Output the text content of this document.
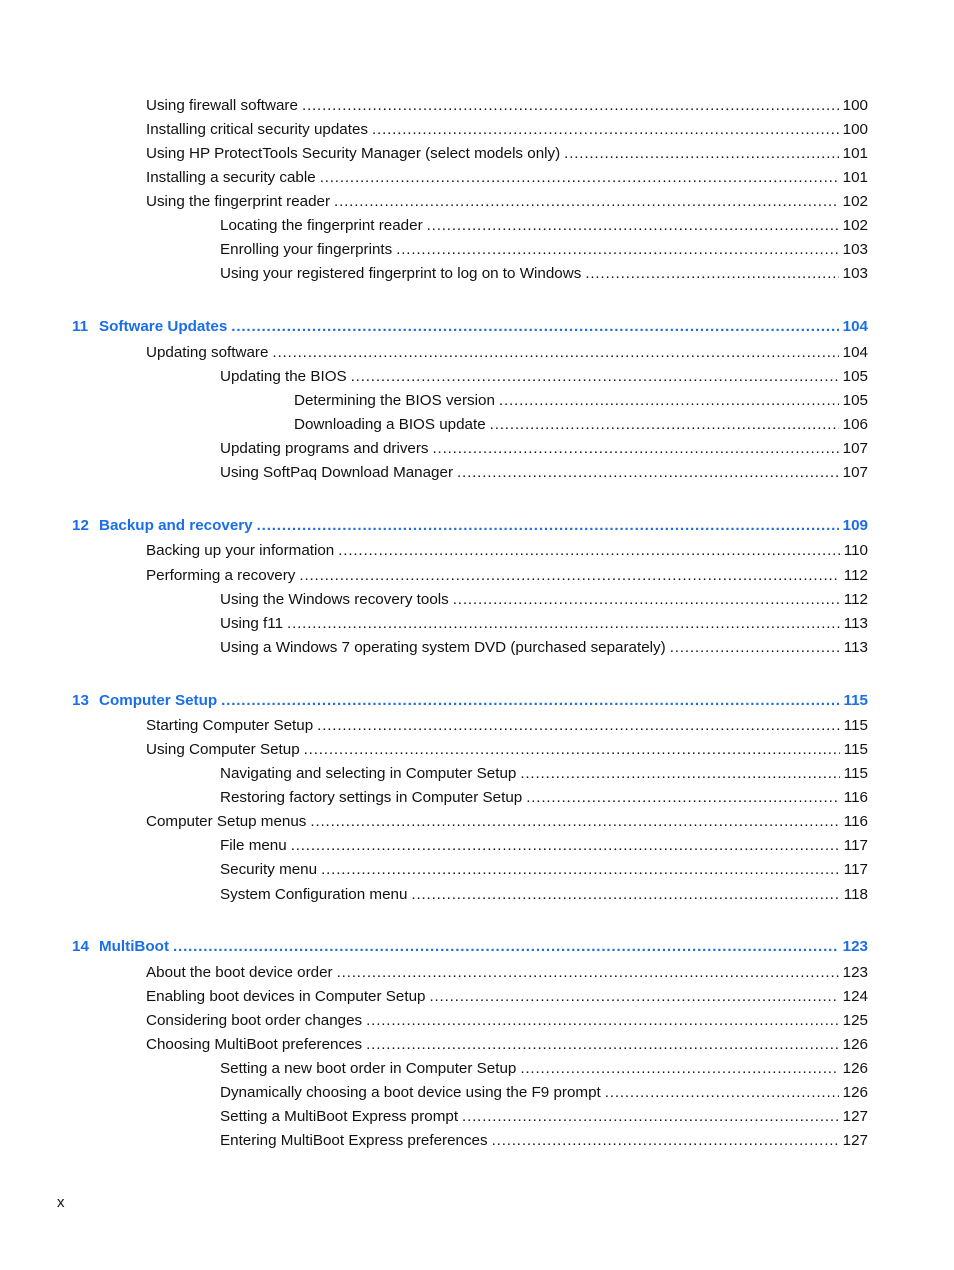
Using firewall software . . .	100
Installing critical security updates . . .	100
Using HP ProtectTools Security Manager (select models only) . . .	101
Installing a security cable . . .	101
Using the fingerprint reader . . .	102
Locating the fingerprint reader . . .	102
Enrolling your fingerprints . . .	103
Using your registered fingerprint to log on to Windows . . .	103
11 Software Updates . . .	104
Updating software . . .	104
Updating the BIOS . . .	105
Determining the BIOS version . . .	105
Downloading a BIOS update . . .	106
Updating programs and drivers . . .	107
Using SoftPaq Download Manager . . .	107
12 Backup and recovery . . .	109
Backing up your information . . .	110
Performing a recovery . . .	112
Using the Windows recovery tools . . .	112
Using f11 . . .	113
Using a Windows 7 operating system DVD (purchased separately) . . .	113
13 Computer Setup . . .	115
Starting Computer Setup . . .	115
Using Computer Setup . . .	115
Navigating and selecting in Computer Setup . . .	115
Restoring factory settings in Computer Setup . . .	116
Computer Setup menus . . .	116
File menu . . .	117
Security menu . . .	117
System Configuration menu . . .	118
14 MultiBoot . . .	123
About the boot device order . . .	123
Enabling boot devices in Computer Setup . . .	124
Considering boot order changes . . .	125
Choosing MultiBoot preferences . . .	126
Setting a new boot order in Computer Setup . . .	126
Dynamically choosing a boot device using the F9 prompt . . .	126
Setting a MultiBoot Express prompt . . .	127
Entering MultiBoot Express preferences . . .	127
x
